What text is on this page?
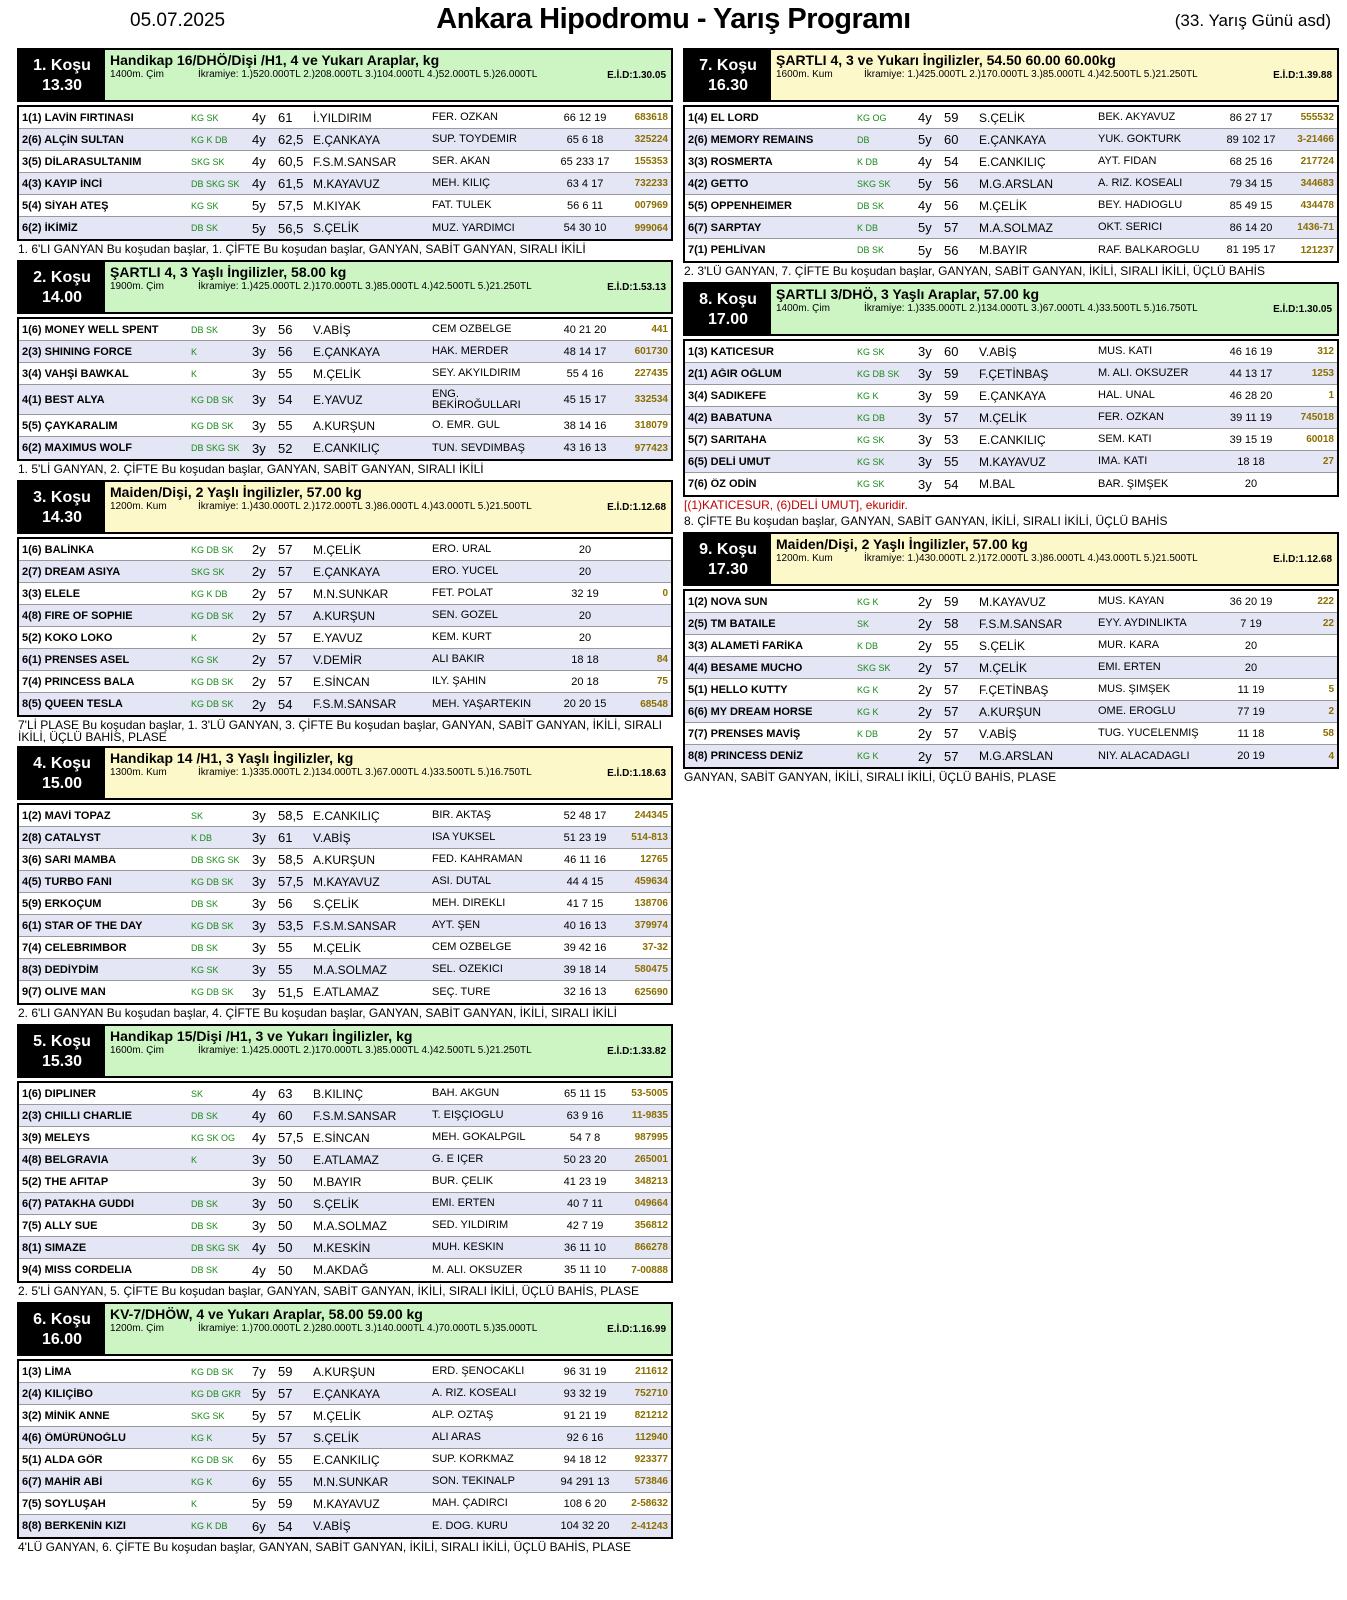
05.07.2025	Ankara Hipodromu - Yarış Programı	(33. Yarış Günü asd)
1. Koşu
13.30
Handikap 16/DHÖ/Dişi /H1, 4 ve Yukarı Araplar, kg
1400m. Çim	İkramiye: 1.)520.000TL 2.)208.000TL 3.)104.000TL 4.)52.000TL 5.)26.000TL	E.İ.D:1.30.05
1(1) LAVİN FIRTINASI	KG SK	4y 61	İ.YILDIRIM	FER. ÖZKAN	66 12 19	683618
2(6) ALÇİN SULTAN	KG K DB	4y 62,5 E.ÇANKAYA	SUP. TOYDEMİR	65 6 18	325224
3(5) DİLARASULTANIM	SKG SK	4y 60,5 F.S.M.SANSAR	SER. AKAN	65 233 17	155353
4(3) KAYIP İNCİ	DB SKG SK 4y 61,5 M.KAYAVUZ	MEH. KILIÇ	63 4 17	732233
5(4) SİYAH ATEŞ	KG SK	5y 57,5 M.KIYAK	FAT. TÜLEK	56 6 11	007969
6(2) İKİMİZ	DB SK	5y 56,5 S.ÇELİK	MUZ. YARDIMCI	54 30 10	999064
1. 6'LI GANYAN Bu koşudan başlar, 1. ÇİFTE Bu koşudan başlar, GANYAN, SABİT GANYAN, SIRALI İKİLİ
2. Koşu
14.00
ŞARTLI 4, 3 Yaşlı İngilizler, 58.00 kg
1900m. Çim	İkramiye: 1.)425.000TL 2.)170.000TL 3.)85.000TL 4.)42.500TL 5.)21.250TL	E.İ.D:1.53.13
1(6) MONEY WELL SPENT	DB SK	3y 56	V.ABİŞ	CEM ÖZBELGE	40 21 20	441
2(3) SHINING FORCE	K	3y 56	E.ÇANKAYA	HAK. MERDER	48 14 17	601730
3(4) VAHŞİ BAWKAL	K	3y 55	M.ÇELİK	SEY. AKYILDIRIM	55 4 16	227435
4(1) BEST ALYA	KG DB SK	3y 54	E.YAVUZ	ENG. BEKİROĞULLARI	45 15 17	332534
5(5) ÇAYKARALIM	KG DB SK	3y 55	A.KURŞUN	O. EMR. GÜL	38 14 16	318079
6(2) MAXIMUS WOLF	DB SKG SK 3y 52	E.CANKILIÇ	TUN. SEVDİMBAŞ	43 16 13	977423
1. 5'Lİ GANYAN, 2. ÇİFTE Bu koşudan başlar, GANYAN, SABİT GANYAN, SIRALI İKİLİ
3. Koşu
14.30
Maiden/Dişi, 2 Yaşlı İngilizler, 57.00 kg
1200m. Kum	İkramiye: 1.)430.000TL 2.)172.000TL 3.)86.000TL 4.)43.000TL 5.)21.500TL	E.İ.D:1.12.68
1(6) BALİNKA	KG DB SK	2y 57	M.ÇELİK	ERO. URAL	20
2(7) DREAM ASIYA	SKG SK	2y 57	E.ÇANKAYA	ERO. YÜCEL	20
3(3) ELELE	KG K DB	2y 57	M.N.SUNKAR	FET. POLAT	32 19	0
4(8) FIRE OF SOPHIE	KG DB SK	2y 57	A.KURŞUN	SEN. GÖZEL	20
5(2) KOKO LOKO	K	2y 57	E.YAVUZ	KEM. KURT	20
6(1) PRENSES ASEL	KG SK	2y 57	V.DEMİR	ALİ BAKIR	18 18	84
7(4) PRINCESS BALA	KG DB SK	2y 57	E.SİNCAN	İLY. ŞAHİN	20 18	75
8(5) QUEEN TESLA	KG DB SK	2y 54	F.S.M.SANSAR	MEH. YAŞARTEKİN	20 20 15	68548
7'Lİ PLASE Bu koşudan başlar, 1. 3'LÜ GANYAN, 3. ÇİFTE Bu koşudan başlar, GANYAN, SABİT GANYAN, İKİLİ, SIRALI İKİLİ, ÜÇLÜ BAHİS, PLASE
4. Koşu
15.00
Handikap 14 /H1, 3 Yaşlı İngilizler, kg
1300m. Kum	İkramiye: 1.)335.000TL 2.)134.000TL 3.)67.000TL 4.)33.500TL 5.)16.750TL	E.İ.D:1.18.63
1(2) MAVİ TOPAZ	SK	3y 58,5 E.CANKILIÇ	BİR. AKTAŞ	52 48 17	244345
2(8) CATALYST	K DB	3y 61	V.ABİŞ	İSA YÜKSEL	51 23 19	514-813
3(6) SARI MAMBA	DB SKG SK 3y 58,5 A.KURŞUN	FED. KAHRAMAN	46 11 16	12765
4(5) TURBO FANI	KG DB SK	3y 57,5 M.KAYAVUZ	ASI. DUTAL	44 4 15	459634
5(9) ERKOÇUM	DB SK	3y 56	S.ÇELİK	MEH. DİREKLİ	41 7 15	138706
6(1) STAR OF THE DAY	KG DB SK	3y 53,5 F.S.M.SANSAR	AYT. ŞEN	40 16 13	379974
7(4) CELEBRIMBOR	DB SK	3y 55	M.ÇELİK	CEM ÖZBELGE	39 42 16	37-32
8(3) DEDİYDİM	KG SK	3y 55	M.A.SOLMAZ	SEL. ÖZEKİCİ	39 18 14	580475
9(7) OLIVE MAN	KG DB SK	3y 51,5 E.ATLAMAZ	SEÇ. TÜRE	32 16 13	625690
2. 6'LI GANYAN Bu koşudan başlar, 4. ÇİFTE Bu koşudan başlar, GANYAN, SABİT GANYAN, İKİLİ, SIRALI İKİLİ
5. Koşu
15.30
Handikap 15/Dişi /H1, 3 ve Yukarı İngilizler, kg
1600m. Çim	İkramiye: 1.)425.000TL 2.)170.000TL 3.)85.000TL 4.)42.500TL 5.)21.250TL	E.İ.D:1.33.82
1(6) DIPLINER	SK	4y 63	B.KILINÇ	BAH. AKGÜN	65 11 15	53-5005
2(3) CHILLI CHARLIE	DB SK	4y 60	F.S.M.SANSAR	T. EİŞÇİOĞLU	63 9 16	11-9835
3(9) MELEYS	KG SK OG	4y 57,5 E.SİNCAN	MEH. GÖKALPGİL	54 7 8	987995
4(8) BELGRAVIA	K	3y 50	E.ATLAMAZ	G. E İÇER	50 23 20	265001
5(2) THE AFITAP	3y 50	M.BAYIR	BUR. ÇELİK	41 23 19	348213
6(7) PATAKHA GUDDI	DB SK	3y 50	S.ÇELİK	EMİ. ERTEN	40 7 11	049664
7(5) ALLY SUE	DB SK	3y 50	M.A.SOLMAZ	SED. YILDIRIM	42 7 19	356812
8(1) SIMAZE	DB SKG SK 4y 50	M.KESKİN	MUH. KESKİN	36 11 10	866278
9(4) MISS CORDELIA	DB SK	4y 50	M.AKDAĞ	M. ALİ. ÖKSÜZER	35 11 10	7-00888
2. 5'Lİ GANYAN, 5. ÇİFTE Bu koşudan başlar, GANYAN, SABİT GANYAN, İKİLİ, SIRALI İKİLİ, ÜÇLÜ BAHİS, PLASE
6. Koşu
16.00
KV-7/DHÖW, 4 ve Yukarı Araplar, 58.00 59.00 kg
1200m. Çim	İkramiye: 1.)700.000TL 2.)280.000TL 3.)140.000TL 4.)70.000TL 5.)35.000TL	E.İ.D:1.16.99
1(3) LİMA	KG DB SK	7y 59	A.KURŞUN	ERD. ŞENOCAKLI	96 31 19	211612
2(4) KILIÇİBO	KG DB GKR 5y 57	E.ÇANKAYA	A. RIZ. KÖSEALİ	93 32 19	752710
3(2) MİNİK ANNE	SKG SK	5y 57	M.ÇELİK	ALP. ÖZTAŞ	91 21 19	821212
4(6) ÖMÜRÜNOĞLU	KG K	5y 57	S.ÇELİK	ALİ ARAS	92 6 16	112940
5(1) ALDA GÖR	KG DB SK	6y 55	E.CANKILIÇ	SÜP. KORKMAZ	94 18 12	923377
6(7) MAHİR ABİ	KG K	6y 55	M.N.SUNKAR	SON. TEKİNALP	94 291 13	573846
7(5) SOYLUŞAH	K	5y 59	M.KAYAVUZ	MAH. ÇADIRCI	108 6 20	2-58632
8(8) BERKENİN KIZI	KG K DB	6y 54	V.ABİŞ	E. DOĞ. KURU	104 32 20	2-41243
4'LÜ GANYAN, 6. ÇİFTE Bu koşudan başlar, GANYAN, SABİT GANYAN, İKİLİ, SIRALI İKİLİ, ÜÇLÜ BAHİS, PLASE
7. Koşu
16.30
ŞARTLI 4, 3 ve Yukarı İngilizler, 54.50 60.00 60.00kg
1600m. Kum	İkramiye: 1.)425.000TL 2.)170.000TL 3.)85.000TL 4.)42.500TL 5.)21.250TL	E.İ.D:1.39.88
1(4) EL LORD	KG OG	4y 59	S.ÇELİK	BEK. AKYAVUZ	86 27 17	555532
2(6) MEMORY REMAINS	DB	5y 60	E.ÇANKAYA	YÜK. GÖKTÜRK	89 102 17	3-21466
3(3) ROSMERTA	K DB	4y 54	E.CANKILIÇ	AYT. FİDAN	68 25 16	217724
4(2) GETTO	SKG SK	5y 56	M.G.ARSLAN	A. RIZ. KÖSEALİ	79 34 15	344683
5(5) OPPENHEIMER	DB SK	4y 56	M.ÇELİK	BEY. HADİOĞLU	85 49 15	434478
6(7) SARPTAY	K DB	5y 57	M.A.SOLMAZ	OKT. SERİCİ	86 14 20	1436-71
7(1) PEHLİVAN	DB SK	5y 56	M.BAYIR	RAF. BALKAROĞLU	81 195 17	121237
2. 3'LÜ GANYAN, 7. ÇİFTE Bu koşudan başlar, GANYAN, SABİT GANYAN, İKİLİ, SIRALI İKİLİ, ÜÇLÜ BAHİS
8. Koşu
17.00
ŞARTLI 3/DHÖ, 3 Yaşlı Araplar, 57.00 kg
1400m. Çim	İkramiye: 1.)335.000TL 2.)134.000TL 3.)67.000TL 4.)33.500TL 5.)16.750TL	E.İ.D:1.30.05
1(3) KATICESUR	KG SK	3y 60	V.ABİŞ	MÜS. KATI	46 16 19	312
2(1) AĞIR OĞLUM	KG DB SK	3y 59	F.ÇETİNBAŞ	M. ALİ. ÖKSÜZER	44 13 17	1253
3(4) SADIKEFE	KG K	3y 59	E.ÇANKAYA	HAL. ÜNAL	46 28 20	1
4(2) BABATUNA	KG DB	3y 57	M.ÇELİK	FER. ÖZKAN	39 11 19	745018
5(7) SARITAHA	KG SK	3y 53	E.CANKILIÇ	SEM. KATI	39 15 19	60018
6(5) DELİ UMUT	KG SK	3y 55	M.KAYAVUZ	İMA. KATI	18 18	27
7(6) ÖZ ODİN	KG SK	3y 54	M.BAL	BAR. ŞİMŞEK	20
[(1)KATICESUR, (6)DELİ UMUT], ekuridir.
8. ÇİFTE Bu koşudan başlar, GANYAN, SABİT GANYAN, İKİLİ, SIRALI İKİLİ, ÜÇLÜ BAHİS
9. Koşu
17.30
Maiden/Dişi, 2 Yaşlı İngilizler, 57.00 kg
1200m. Kum	İkramiye: 1.)430.000TL 2.)172.000TL 3.)86.000TL 4.)43.000TL 5.)21.500TL	E.İ.D:1.12.68
1(2) NOVA SUN	KG K	2y 59	M.KAYAVUZ	MÜS. KAYAN	36 20 19	222
2(5) TM BATAILE	SK	2y 58	F.S.M.SANSAR	EYY. AYDINLIKTA	7 19	22
3(3) ALAMETİ FARİKA	K DB	2y 55	S.ÇELİK	MUR. KARA	20
4(4) BESAME MUCHO	SKG SK	2y 57	M.ÇELİK	EMİ. ERTEN	20
5(1) HELLO KUTTY	KG K	2y 57	F.ÇETİNBAŞ	MÜS. ŞİMŞEK	11 19	5
6(6) MY DREAM HORSE	KG K	2y 57	A.KURŞUN	ÖME. EROĞLU	77 19	2
7(7) PRENSES MAVİŞ	K DB	2y 57	V.ABİŞ	TUĞ. YÜCELENMİŞ	11 18	58
8(8) PRINCESS DENİZ	KG K	2y 57	M.G.ARSLAN	NİY. ALACADAĞLI	20 19	4
GANYAN, SABİT GANYAN, İKİLİ, SIRALI İKİLİ, ÜÇLÜ BAHİS, PLASE
